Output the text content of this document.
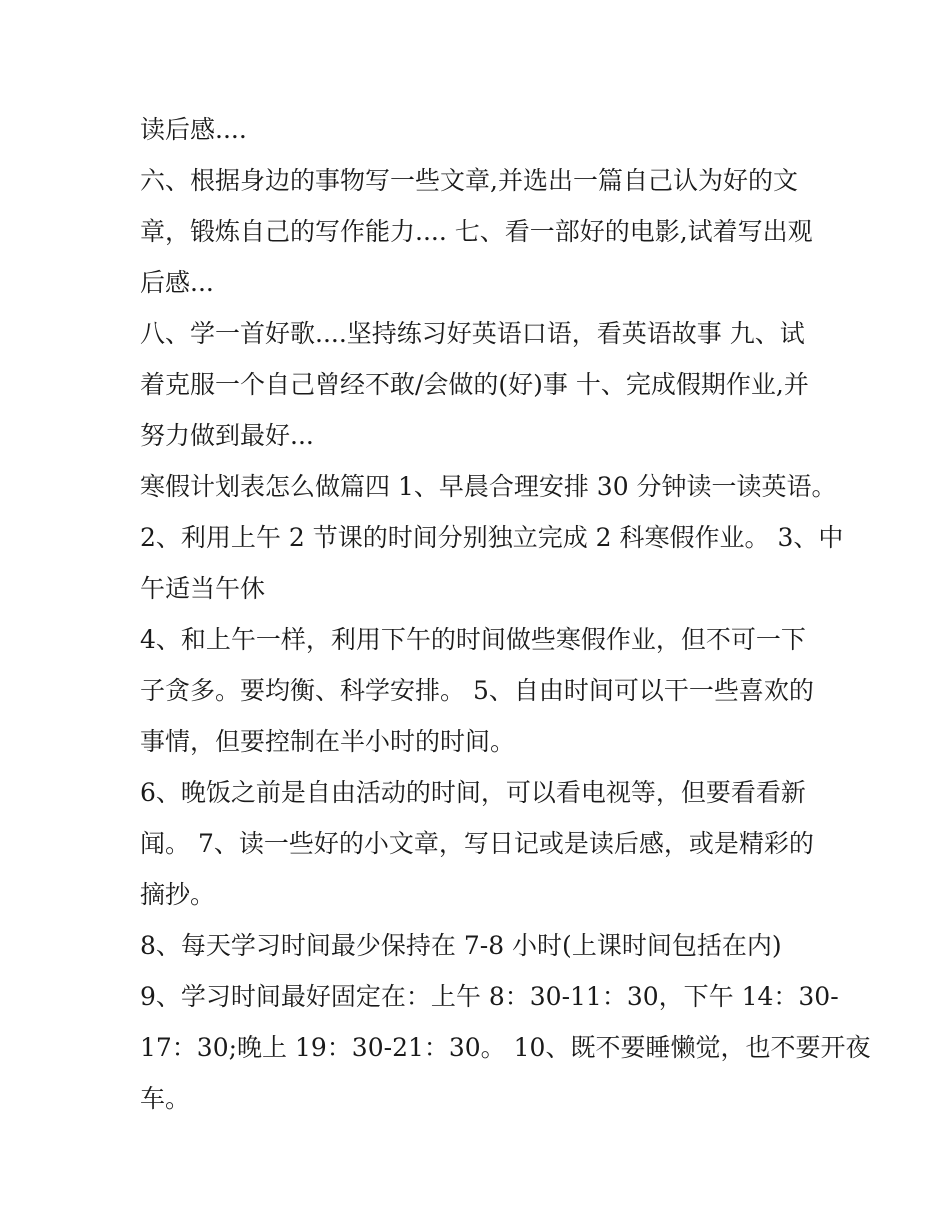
读后感....
六、根据身边的事物写一些文章,并选出一篇自己认为好的文
章，锻炼自己的写作能力.... 七、看一部好的电影,试着写出观
后感...
八、学一首好歌....坚持练习好英语口语，看英语故事 九、试
着克服一个自己曾经不敢/会做的(好)事 十、完成假期作业,并
努力做到最好...
寒假计划表怎么做篇四 1、早晨合理安排 30 分钟读一读英语。
2、利用上午 2 节课的时间分别独立完成 2 科寒假作业。 3、中
午适当午休
4、和上午一样，利用下午的时间做些寒假作业，但不可一下
子贪多。要均衡、科学安排。 5、自由时间可以干一些喜欢的
事情，但要控制在半小时的时间。
6、晚饭之前是自由活动的时间，可以看电视等，但要看看新
闻。 7、读一些好的小文章，写日记或是读后感，或是精彩的
摘抄。
8、每天学习时间最少保持在 7-8 小时(上课时间包括在内)
9、学习时间最好固定在：上午 8：30-11：30，下午 14：30-
17：30;晚上 19：30-21：30。 10、既不要睡懒觉，也不要开夜
车。
